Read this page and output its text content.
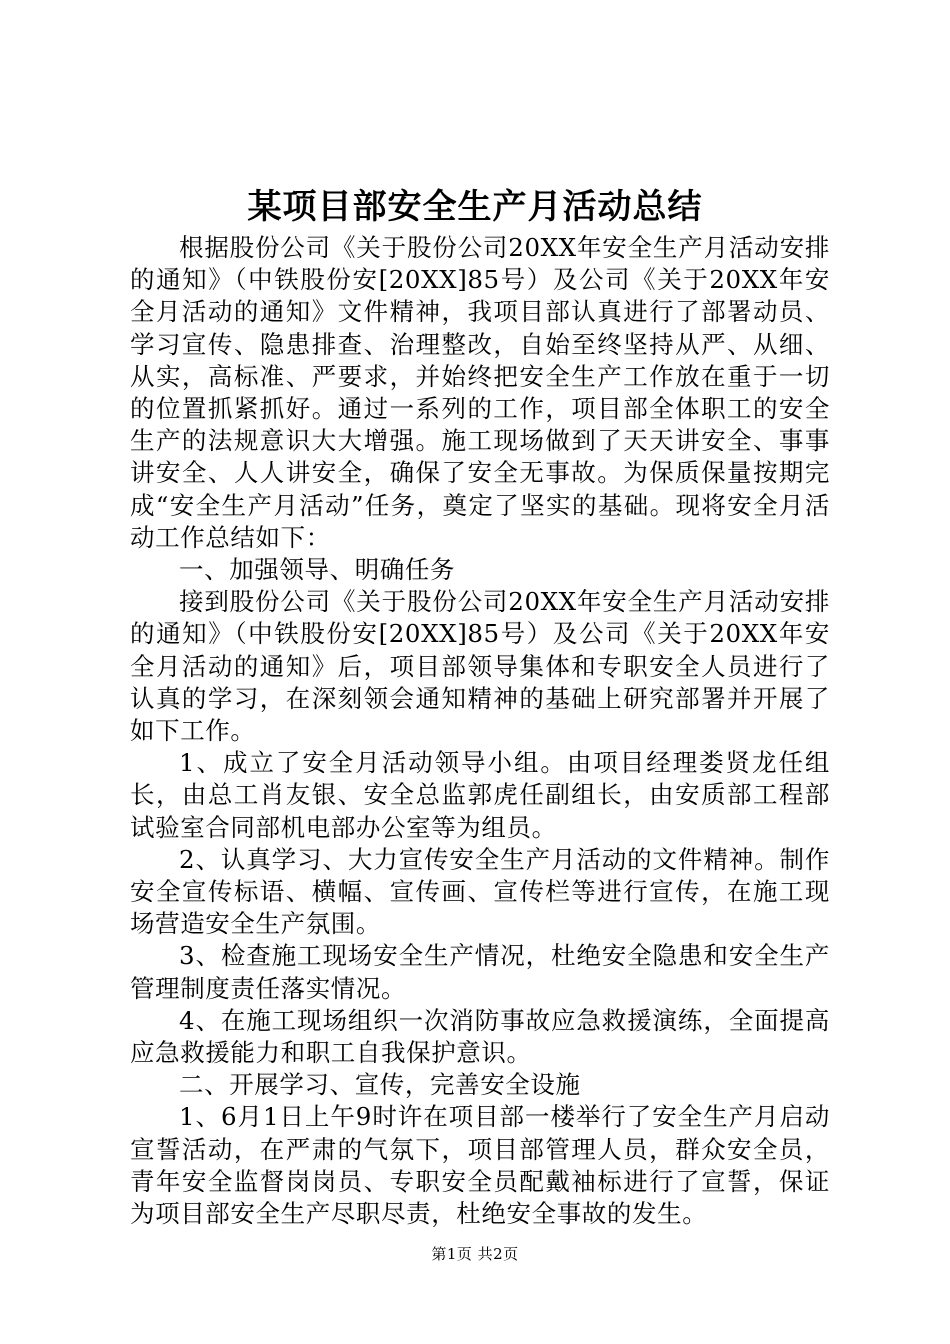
某项目部安全生产月活动总结

根据股份公司《关于股份公司20XX年安全生产月活动安排的通知》（中铁股份安[20XX]85号）及公司《关于20XX年安全月活动的通知》文件精神，我项目部认真进行了部署动员、学习宣传、隐患排查、治理整改，自始至终坚持从严、从细、从实，高标准、严要求，并始终把安全生产工作放在重于一切的位置抓紧抓好。通过一系列的工作，项目部全体职工的安全生产的法规意识大大增强。施工现场做到了天天讲安全、事事讲安全、人人讲安全，确保了安全无事故。为保质保量按期完成“安全生产月活动”任务，奠定了坚实的基础。现将安全月活动工作总结如下：

一、加强领导、明确任务

接到股份公司《关于股份公司20XX年安全生产月活动安排的通知》（中铁股份安[20XX]85号）及公司《关于20XX年安全月活动的通知》后，项目部领导集体和专职安全人员进行了认真的学习，在深刻领会通知精神的基础上研究部署并开展了如下工作。

1、成立了安全月活动领导小组。由项目经理娄贤龙任组长，由总工肖友银、安全总监郭虎任副组长，由安质部工程部试验室合同部机电部办公室等为组员。

2、认真学习、大力宣传安全生产月活动的文件精神。制作安全宣传标语、横幅、宣传画、宣传栏等进行宣传，在施工现场营造安全生产氛围。

3、检查施工现场安全生产情况，杜绝安全隐患和安全生产管理制度责任落实情况。

4、在施工现场组织一次消防事故应急救援演练，全面提高应急救援能力和职工自我保护意识。

二、开展学习、宣传，完善安全设施

1、6月1日上午9时许在项目部一楼举行了安全生产月启动宣誓活动，在严肃的气氛下，项目部管理人员，群众安全员，青年安全监督岗岗员、专职安全员配戴袖标进行了宣誓，保证为项目部安全生产尽职尽责，杜绝安全事故的发生。

第1页 共2页
